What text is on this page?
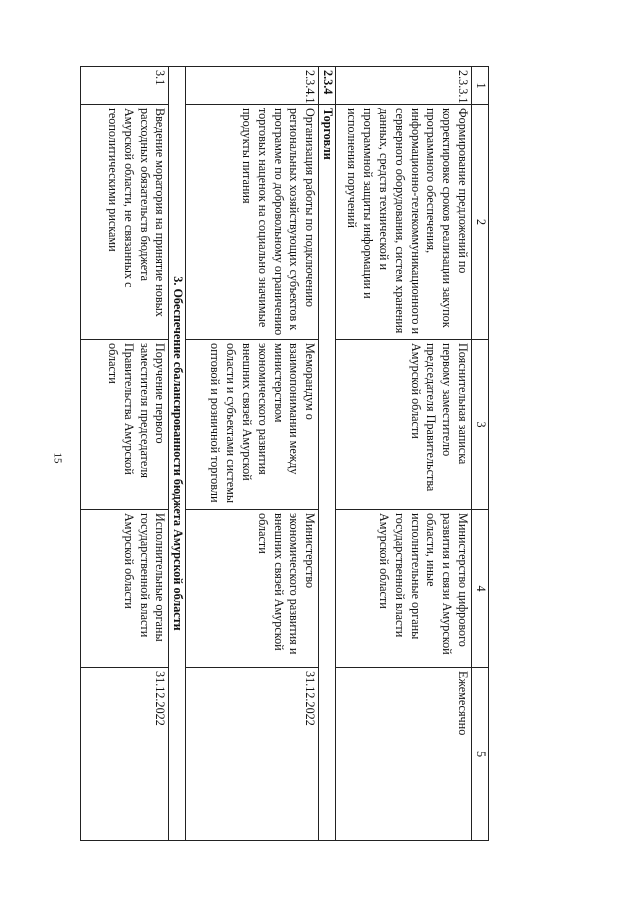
15
1	2	3	4	5
2.3.3.1	Формирование предложений по корректировке сроков реализации закупок программного обеспечения, информационно-телекоммуникационного и серверного оборудования, систем хранения данных, средств технической и программной защиты информации и исполнения поручений	Пояснительная записка первому заместителю председателя Правительства Амурской области	Министерство цифрового развития и связи Амурской области, иные исполнительные органы государственной власти Амурской области	Ежемесячно
2.3.4	Торговли			
2.3.4.1	Организация работы по подключению региональных хозяйствующих субъектов к программе по добровольному ограничению торговых наценок на социально значимые продукты питания	Меморандум о взаимопонимании между министерством экономического развития внешних связей Амурской области и субъектами системы оптовой и розничной торговли	Министерство экономического развития и внешних связей Амурской области	31.12.2022
3. Обеспечение сбалансированности бюджета Амурской области				
3.1	Введение моратория на принятие новых расходных обязательств бюджета Амурской области, не связанных с геополитическими рисками	Поручение первого заместителя председателя Правительства Амурской области	Исполнительные органы государственной власти Амурской области	31.12.2022
